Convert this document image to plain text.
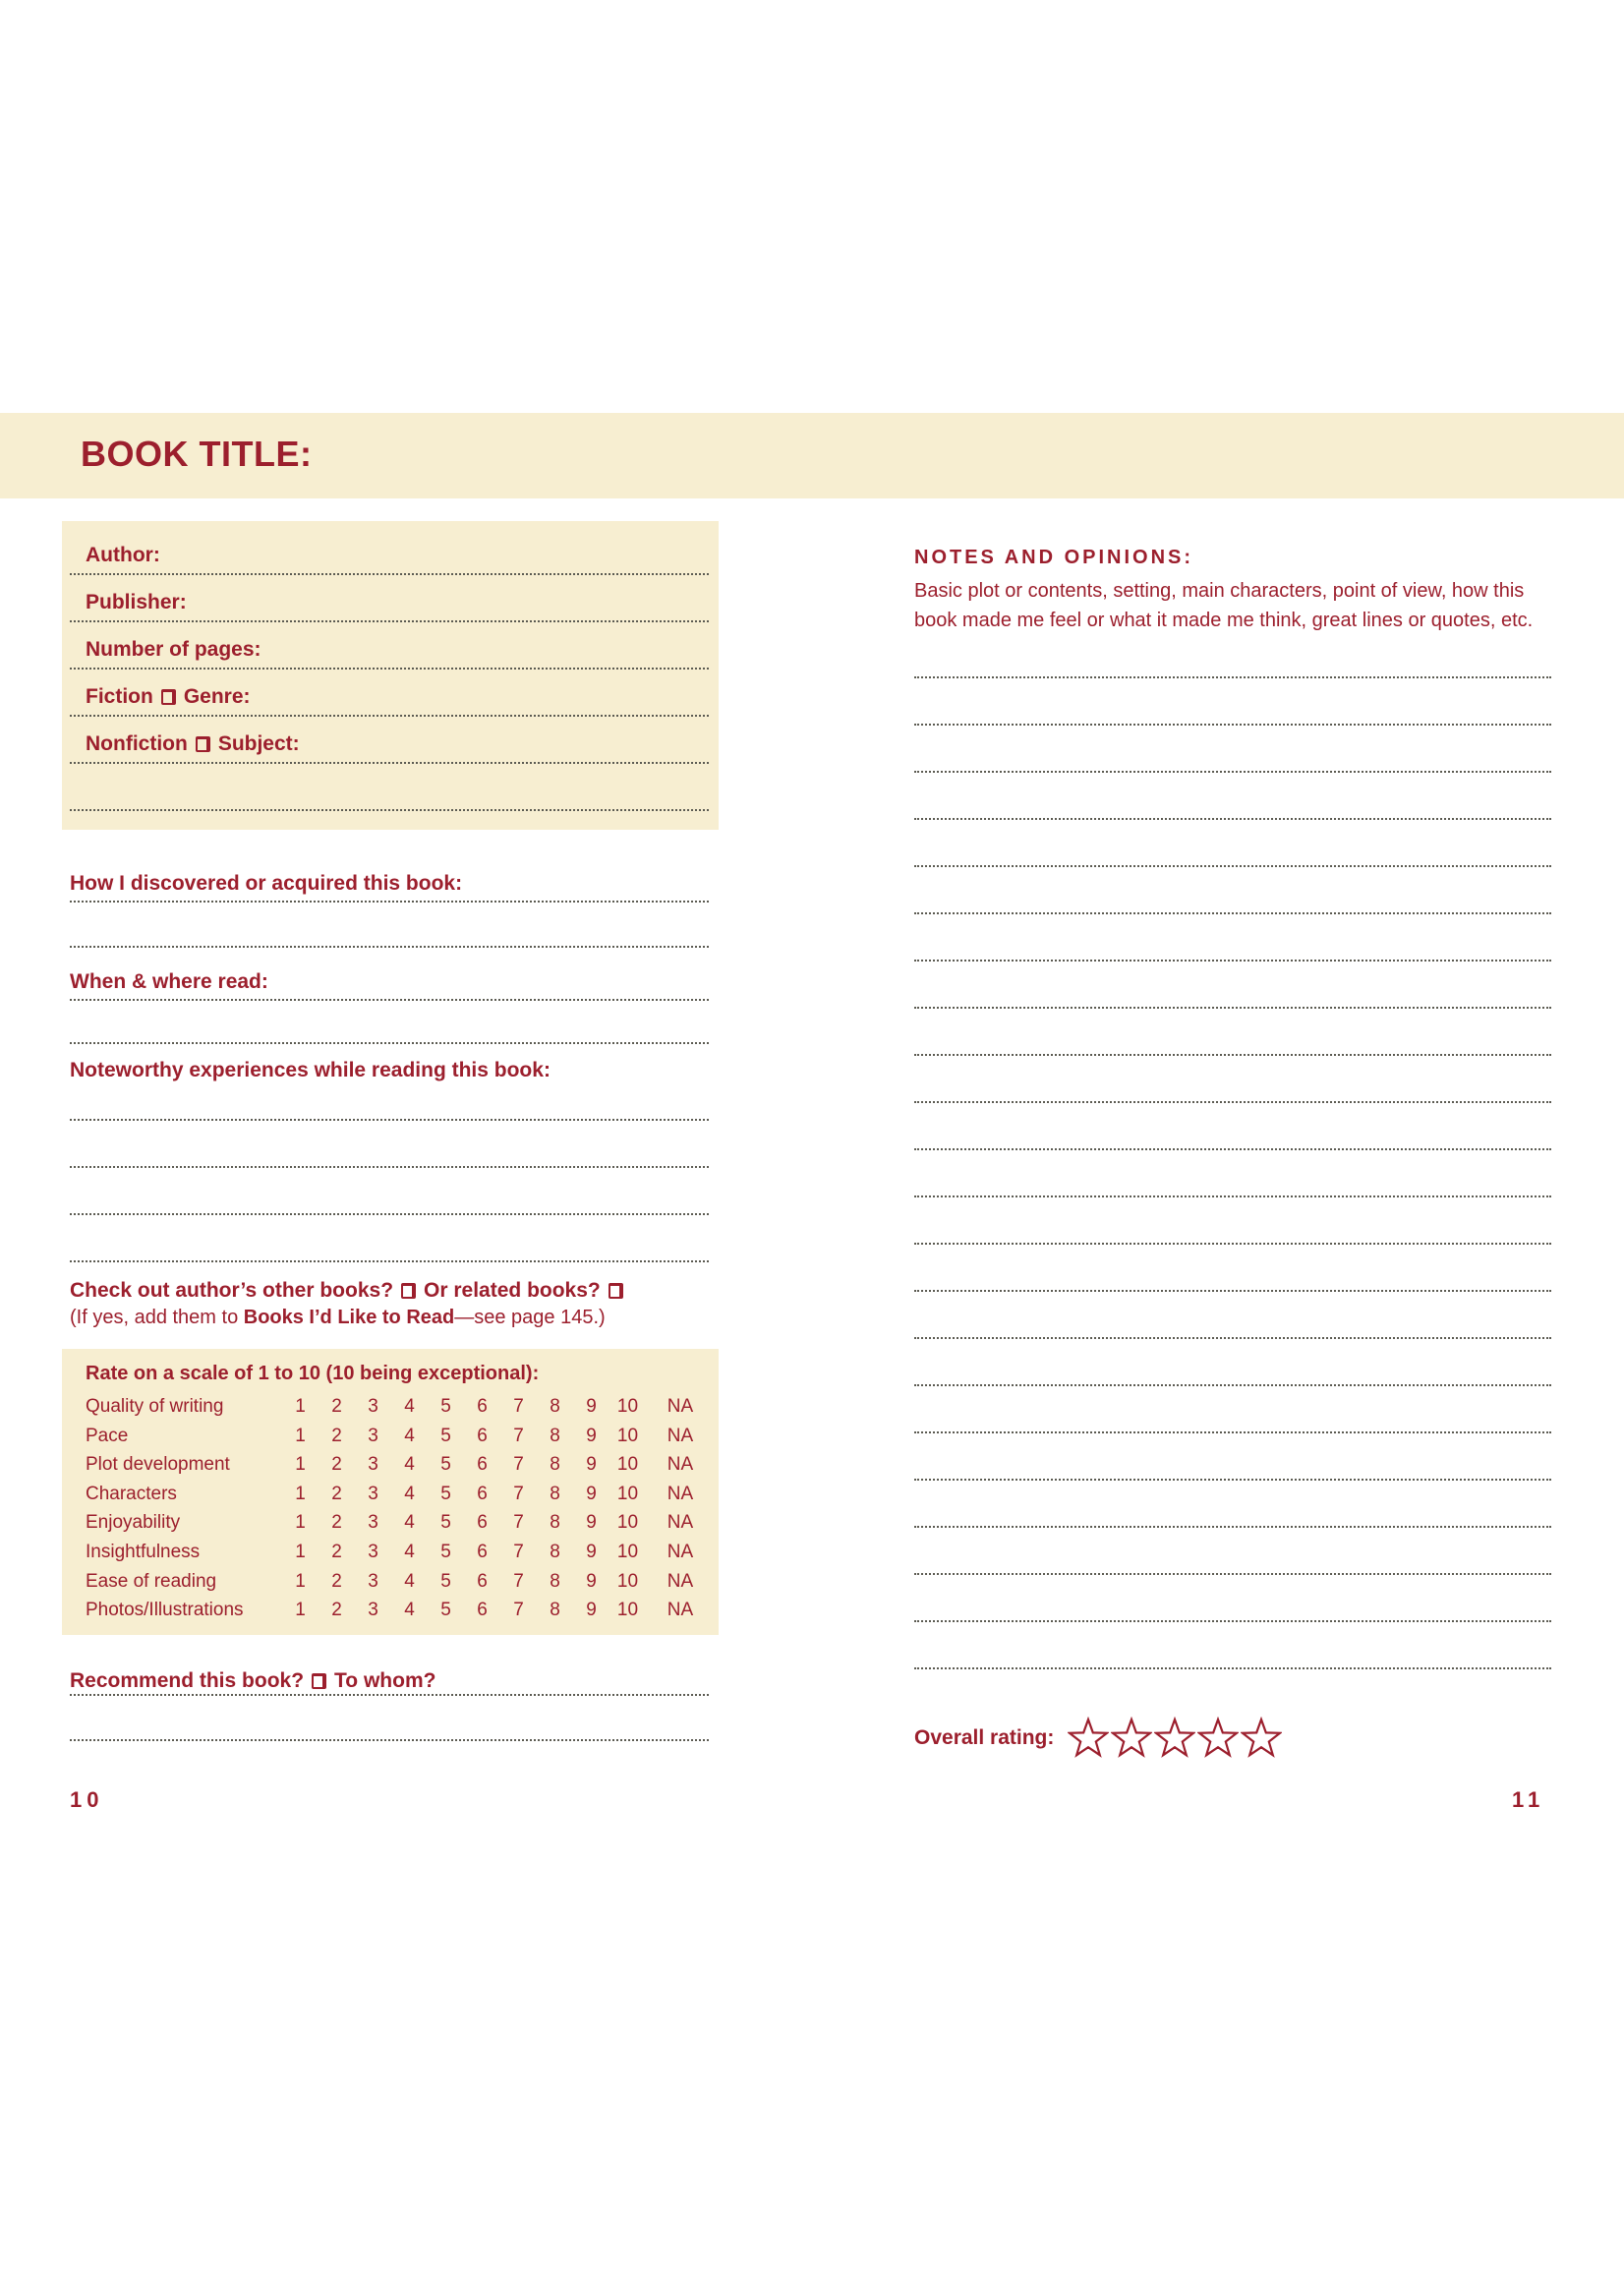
BOOK TITLE:
Author:
Publisher:
Number of pages:
Fiction Genre:
Nonfiction Subject:
How I discovered or acquired this book:
When & where read:
Noteworthy experiences while reading this book:
Check out author’s other books? Or related books?
(If yes, add them to Books I’d Like to Read—see page 145.)
Rate on a scale of 1 to 10 (10 being exceptional):
Quality of writing	1	2	3	4	5	6	7	8	9	10	NA
Pace	1	2	3	4	5	6	7	8	9	10	NA
Plot development	1	2	3	4	5	6	7	8	9	10	NA
Characters	1	2	3	4	5	6	7	8	9	10	NA
Enjoyability	1	2	3	4	5	6	7	8	9	10	NA
Insightfulness	1	2	3	4	5	6	7	8	9	10	NA
Ease of reading	1	2	3	4	5	6	7	8	9	10	NA
Photos/Illustrations	1	2	3	4	5	6	7	8	9	10	NA
Recommend this book? To whom?
10
NOTES AND OPINIONS:
Basic plot or contents, setting, main characters, point of view, how this book made me feel or what it made me think, great lines or quotes, etc.
Overall rating:
11
